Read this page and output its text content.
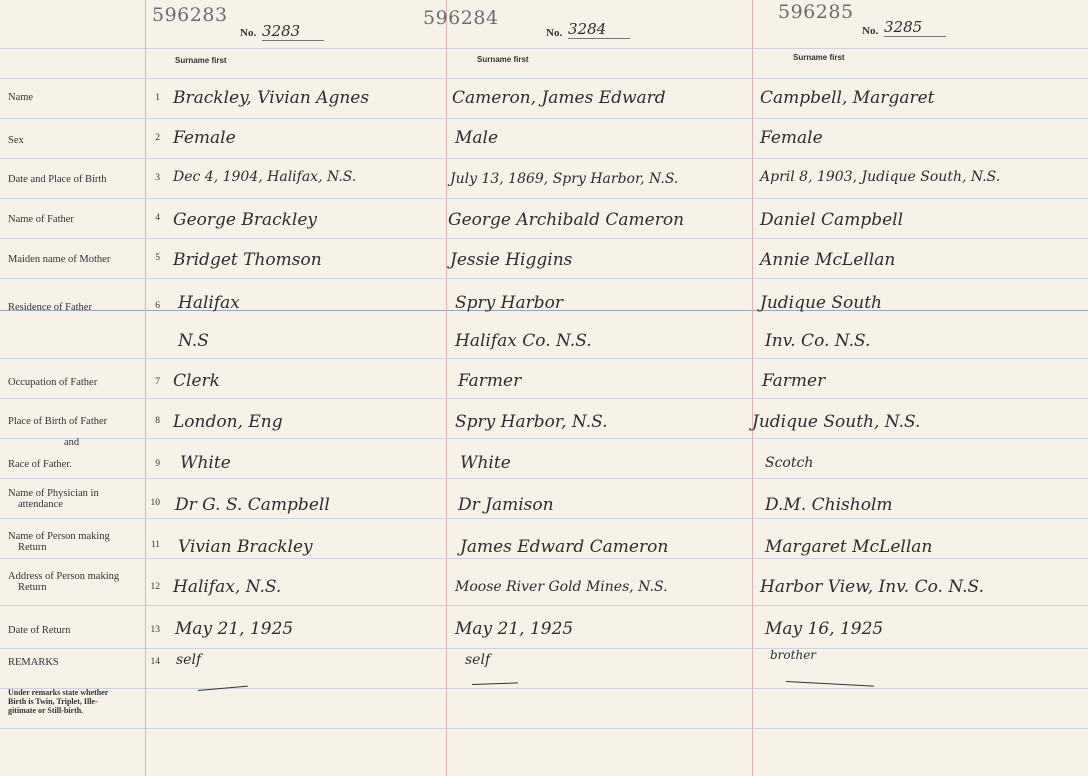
596283
No. 3283
Surname first
596284
No. 3284
Surname first
596285
No. 3285
Surname first
Name
Sex
Date and Place of Birth
Name of Father
Maiden name of Mother
Residence of Father
Occupation of Father
Place of Birth of Father
and
Race of Father.
Name of Physician in
attendance
Name of Person making
Return
Address of Person making
Return
Date of Return
REMARKS
Under remarks state whether
Birth is Twin, Triplet, Ille-
gitimate or Still-birth.
1
2
3
4
5
6
7
8
9
10
11
12
13
14
Brackley, Vivian Agnes
Female
Dec 4, 1904, Halifax, N.S.
George Brackley
Bridget Thomson
Halifax
N.S
Clerk
London, Eng
White
Dr G. S. Campbell
Vivian Brackley
Halifax, N.S.
May 21, 1925
self
Cameron, James Edward
Male
July 13, 1869, Spry Harbor, N.S.
George Archibald Cameron
Jessie Higgins
Spry Harbor
Halifax Co. N.S.
Farmer
Spry Harbor, N.S.
White
Dr Jamison
James Edward Cameron
Moose River Gold Mines, N.S.
May 21, 1925
self
Campbell, Margaret
Female
April 8, 1903, Judique South, N.S.
Daniel Campbell
Annie McLellan
Judique South
Inv. Co. N.S.
Farmer
Judique South, N.S.
Scotch
D.M. Chisholm
Margaret McLellan
Harbor View, Inv. Co. N.S.
May 16, 1925
brother
